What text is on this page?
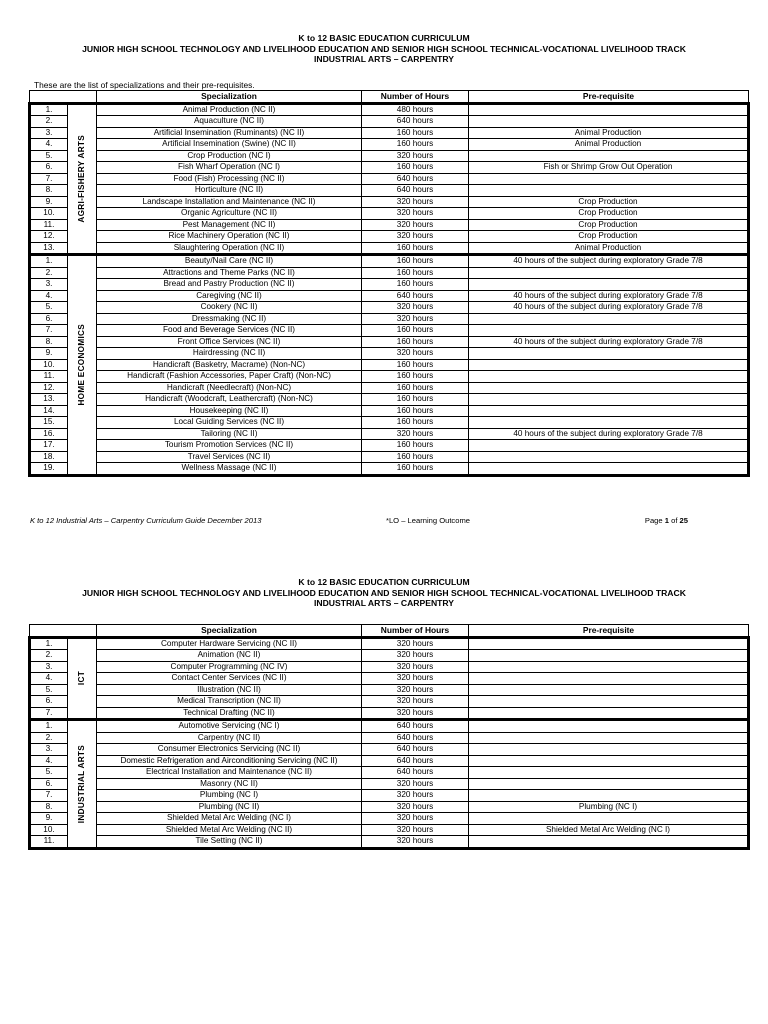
K to 12 BASIC EDUCATION CURRICULUM
JUNIOR HIGH SCHOOL TECHNOLOGY AND LIVELIHOOD EDUCATION AND SENIOR HIGH SCHOOL TECHNICAL-VOCATIONAL LIVELIHOOD TRACK
INDUSTRIAL ARTS – CARPENTRY
These are the list of specializations and their pre-requisites.
		Specialization	Number of Hours	Pre-requisite
1.	AGRI-FISHERY ARTS	Animal Production (NC II)	480 hours	
2.		Aquaculture (NC II)	640 hours	
3.		Artificial Insemination (Ruminants) (NC II)	160 hours	Animal Production
4.		Artificial Insemination (Swine) (NC II)	160 hours	Animal Production
5.		Crop Production (NC I)	320 hours	
6.		Fish Wharf Operation (NC I)	160 hours	Fish or Shrimp Grow Out Operation
7.		Food (Fish) Processing (NC II)	640 hours	
8.		Horticulture (NC II)	640 hours	
9.		Landscape Installation and Maintenance (NC II)	320 hours	Crop Production
10.		Organic Agriculture (NC II)	320 hours	Crop Production
11.		Pest Management (NC II)	320 hours	Crop Production
12.		Rice Machinery Operation (NC II)	320 hours	Crop Production
13.		Slaughtering Operation (NC II)	160 hours	Animal Production
1.	HOME ECONOMICS	Beauty/Nail Care (NC II)	160 hours	40 hours of the subject during exploratory Grade 7/8
2.		Attractions and Theme Parks (NC II)	160 hours	
3.		Bread and Pastry Production (NC II)	160 hours	
4.		Caregiving (NC II)	640 hours	40 hours of the subject during exploratory Grade 7/8
5.		Cookery (NC II)	320 hours	40 hours of the subject during exploratory Grade 7/8
6.		Dressmaking (NC II)	320 hours	
7.		Food and Beverage Services (NC II)	160 hours	
8.		Front Office Services (NC II)	160 hours	40 hours of the subject during exploratory Grade 7/8
9.		Hairdressing (NC II)	320 hours	
10.		Handicraft (Basketry, Macrame) (Non-NC)	160 hours	
11.		Handicraft (Fashion Accessories, Paper Craft) (Non-NC)	160 hours	
12.		Handicraft (Needlecraft) (Non-NC)	160 hours	
13.		Handicraft (Woodcraft, Leathercraft) (Non-NC)	160 hours	
14.		Housekeeping (NC II)	160 hours	
15.		Local Guiding Services (NC II)	160 hours	
16.		Tailoring (NC II)	320 hours	40 hours of the subject during exploratory Grade 7/8
17.		Tourism Promotion Services (NC II)	160 hours	
18.		Travel Services (NC II)	160 hours	
19.		Wellness Massage (NC II)	160 hours	
K to 12 Industrial Arts – Carpentry Curriculum Guide December 2013	*LO – Learning Outcome	Page 1 of 25
K to 12 BASIC EDUCATION CURRICULUM
JUNIOR HIGH SCHOOL TECHNOLOGY AND LIVELIHOOD EDUCATION AND SENIOR HIGH SCHOOL TECHNICAL-VOCATIONAL LIVELIHOOD TRACK
INDUSTRIAL ARTS – CARPENTRY
		Specialization	Number of Hours	Pre-requisite
1.	ICT	Computer Hardware Servicing (NC II)	320 hours	
2.		Animation (NC II)	320 hours	
3.		Computer Programming (NC IV)	320 hours	
4.		Contact Center Services (NC II)	320 hours	
5.		Illustration (NC II)	320 hours	
6.		Medical Transcription (NC II)	320 hours	
7.		Technical Drafting (NC II)	320 hours	
1.	INDUSTRIAL ARTS	Automotive Servicing (NC I)	640 hours	
2.		Carpentry (NC II)	640 hours	
3.		Consumer Electronics Servicing (NC II)	640 hours	
4.		Domestic Refrigeration and Airconditioning Servicing (NC II)	640 hours	
5.		Electrical Installation and Maintenance (NC II)	640 hours	
6.		Masonry (NC II)	320 hours	
7.		Plumbing (NC I)	320 hours	
8.		Plumbing (NC II)	320 hours	Plumbing (NC I)
9.		Shielded Metal Arc Welding (NC I)	320 hours	
10.		Shielded Metal Arc Welding (NC II)	320 hours	Shielded Metal Arc Welding (NC I)
11.		Tile Setting (NC II)	320 hours	
